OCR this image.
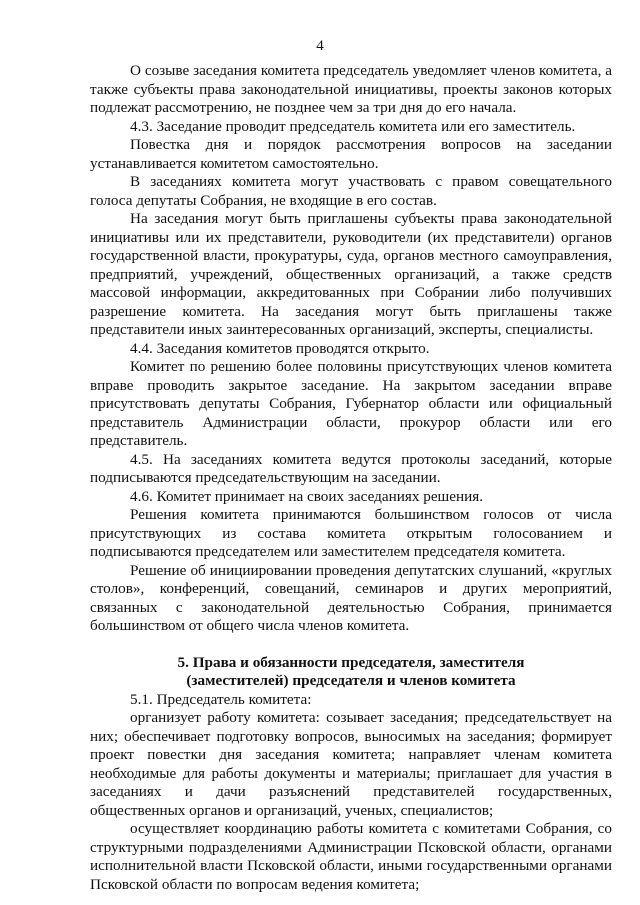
4

О созыве заседания комитета председатель уведомляет членов комитета, а также субъекты права законодательной инициативы, проекты законов которых подлежат рассмотрению, не позднее чем за три дня до его начала.

4.3. Заседание проводит председатель комитета или его заместитель.

Повестка дня и порядок рассмотрения вопросов на заседании устанавливается комитетом самостоятельно.

В заседаниях комитета могут участвовать с правом совещательного голоса депутаты Собрания, не входящие в его состав.

На заседания могут быть приглашены субъекты права законодательной инициативы или их представители, руководители (их представители) органов государственной власти, прокуратуры, суда, органов местного самоуправления, предприятий, учреждений, общественных организаций, а также средств массовой информации, аккредитованных при Собрании либо получивших разрешение комитета. На заседания могут быть приглашены также представители иных заинтересованных организаций, эксперты, специалисты.

4.4. Заседания комитетов проводятся открыто.

Комитет по решению более половины присутствующих членов комитета вправе проводить закрытое заседание. На закрытом заседании вправе присутствовать депутаты Собрания, Губернатор области или официальный представитель Администрации области, прокурор области или его представитель.

4.5. На заседаниях комитета ведутся протоколы заседаний, которые подписываются председательствующим на заседании.

4.6. Комитет принимает на своих заседаниях решения.

Решения комитета принимаются большинством голосов от числа присутствующих из состава комитета открытым голосованием и подписываются председателем или заместителем председателя комитета.

Решение об инициировании проведения депутатских слушаний, «круглых столов», конференций, совещаний, семинаров и других мероприятий, связанных с законодательной деятельностью Собрания, принимается большинством от общего числа членов комитета.

5. Права и обязанности председателя, заместителя
(заместителей) председателя и членов комитета

5.1. Председатель комитета:

организует работу комитета: созывает заседания; председательствует на них; обеспечивает подготовку вопросов, выносимых на заседания; формирует проект повестки дня заседания комитета; направляет членам комитета необходимые для работы документы и материалы; приглашает для участия в заседаниях и дачи разъяснений представителей государственных, общественных органов и организаций, ученых, специалистов;

осуществляет координацию работы комитета с комитетами Собрания, со структурными подразделениями Администрации Псковской области, органами исполнительной власти Псковской области, иными государственными органами Псковской области по вопросам ведения комитета;
